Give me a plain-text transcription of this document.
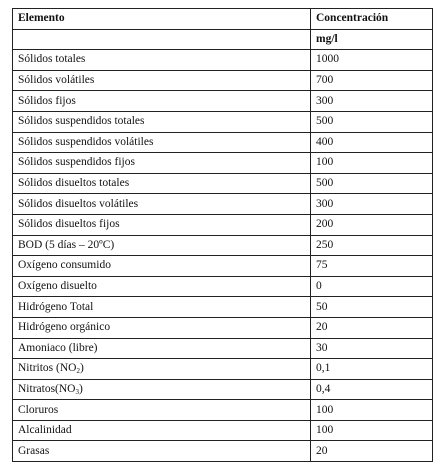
Elemento	Concentración
	mg/l
Sólidos totales	1000
Sólidos volátiles	700
Sólidos fijos	300
Sólidos suspendidos totales	500
Sólidos suspendidos volátiles	400
Sólidos suspendidos fijos	100
Sólidos disueltos totales	500
Sólidos disueltos volátiles	300
Sólidos disueltos fijos	200
BOD (5 días – 20ºC)	250
Oxígeno consumido	75
Oxígeno disuelto	0
Hidrógeno Total	50
Hidrógeno orgánico	20
Amoniaco (libre)	30
Nitritos $(NO_2)$	0,1
$Nitratos(NO_3)$	0,4
Cloruros	100
Alcalinidad	100
Grasas	20
